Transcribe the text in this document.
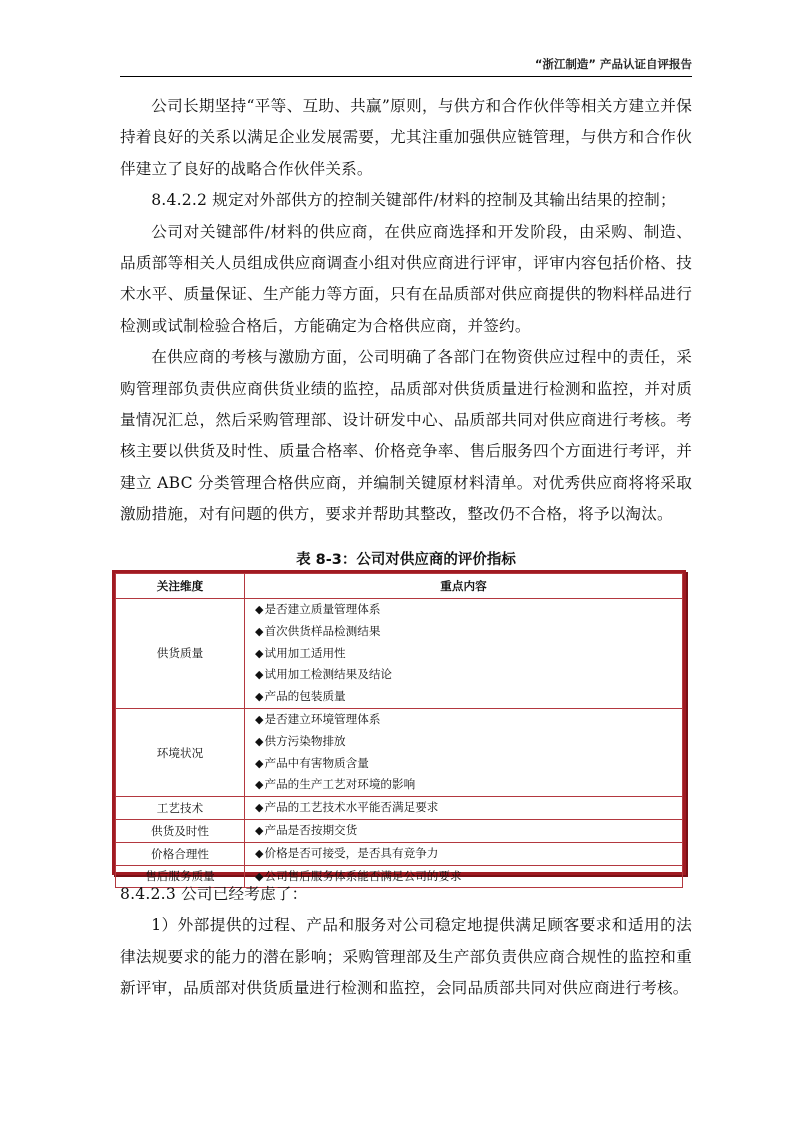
“浙江制造” 产品认证自评报告

公司长期坚持“平等、互助、共赢”原则，与供方和合作伙伴等相关方建立并保持着良好的关系以满足企业发展需要，尤其注重加强供应链管理，与供方和合作伙伴建立了良好的战略合作伙伴关系。

8.4.2.2 规定对外部供方的控制关键部件/材料的控制及其输出结果的控制；

公司对关键部件/材料的供应商，在供应商选择和开发阶段，由采购、制造、品质部等相关人员组成供应商调查小组对供应商进行评审，评审内容包括价格、技术水平、质量保证、生产能力等方面，只有在品质部对供应商提供的物料样品进行检测或试制检验合格后，方能确定为合格供应商，并签约。

在供应商的考核与激励方面，公司明确了各部门在物资供应过程中的责任，采购管理部负责供应商供货业绩的监控，品质部对供货质量进行检测和监控，并对质量情况汇总，然后采购管理部、设计研发中心、品质部共同对供应商进行考核。考核主要以供货及时性、质量合格率、价格竞争率、售后服务四个方面进行考评，并建立 ABC 分类管理合格供应商，并编制关键原材料清单。对优秀供应商将将采取激励措施，对有问题的供方，要求并帮助其整改，整改仍不合格，将予以淘汰。

表 8-3：公司对供应商的评价指标
关注维度	重点内容
供货质量	◆是否建立质量管理体系
◆首次供货样品检测结果
◆试用加工适用性
◆试用加工检测结果及结论
◆产品的包装质量

环境状况	◆是否建立环境管理体系
◆供方污染物排放
◆产品中有害物质含量
◆产品的生产工艺对环境的影响

工艺技术	◆产品的工艺技术水平能否满足要求

供货及时性	◆产品是否按期交货

价格合理性	◆价格是否可接受，是否具有竞争力

售后服务质量	◆公司售后服务体系能否满足公司的要求

8.4.2.3 公司已经考虑了：

1）外部提供的过程、产品和服务对公司稳定地提供满足顾客要求和适用的法律法规要求的能力的潜在影响；采购管理部及生产部负责供应商合规性的监控和重新评审，品质部对供货质量进行检测和监控，会同品质部共同对供应商进行考核。
